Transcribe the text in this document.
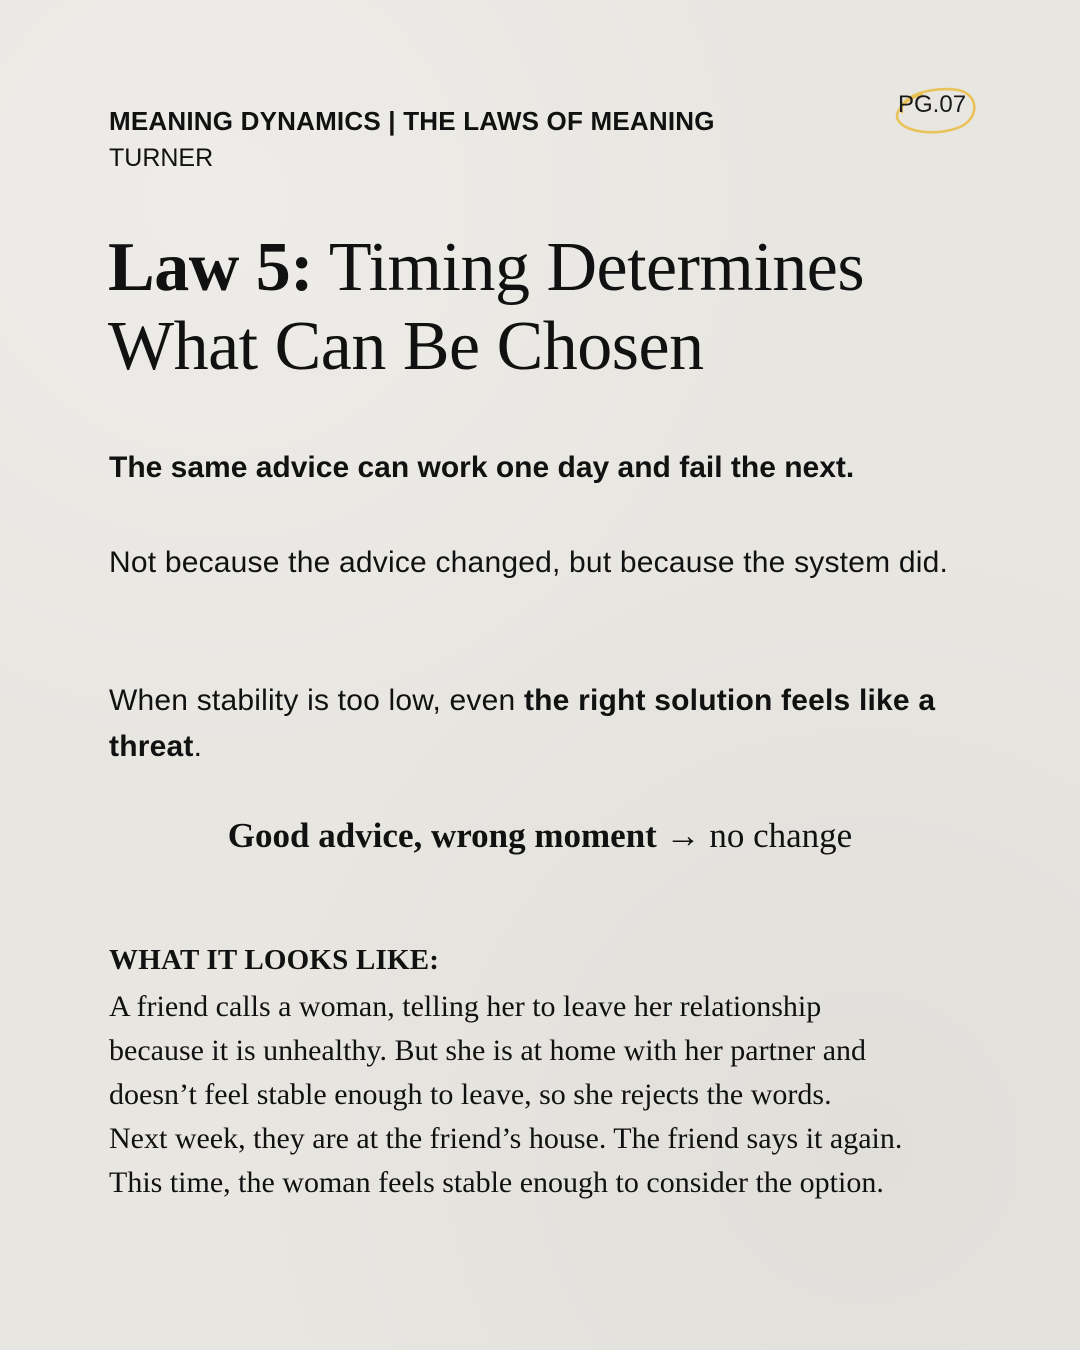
MEANING DYNAMICS | THE LAWS OF MEANING

TURNER

PG.07
Law 5: Timing Determines What Can Be Chosen

The same advice can work one day and fail the next.

Not because the advice changed, but because the system did.

When stability is too low, even the right solution feels like a threat.

Good advice, wrong moment → no change

WHAT IT LOOKS LIKE:

A friend calls a woman, telling her to leave her relationship
because it is unhealthy. But she is at home with her partner and
doesn’t feel stable enough to leave, so she rejects the words.
Next week, they are at the friend’s house. The friend says it again.
This time, the woman feels stable enough to consider the option.
